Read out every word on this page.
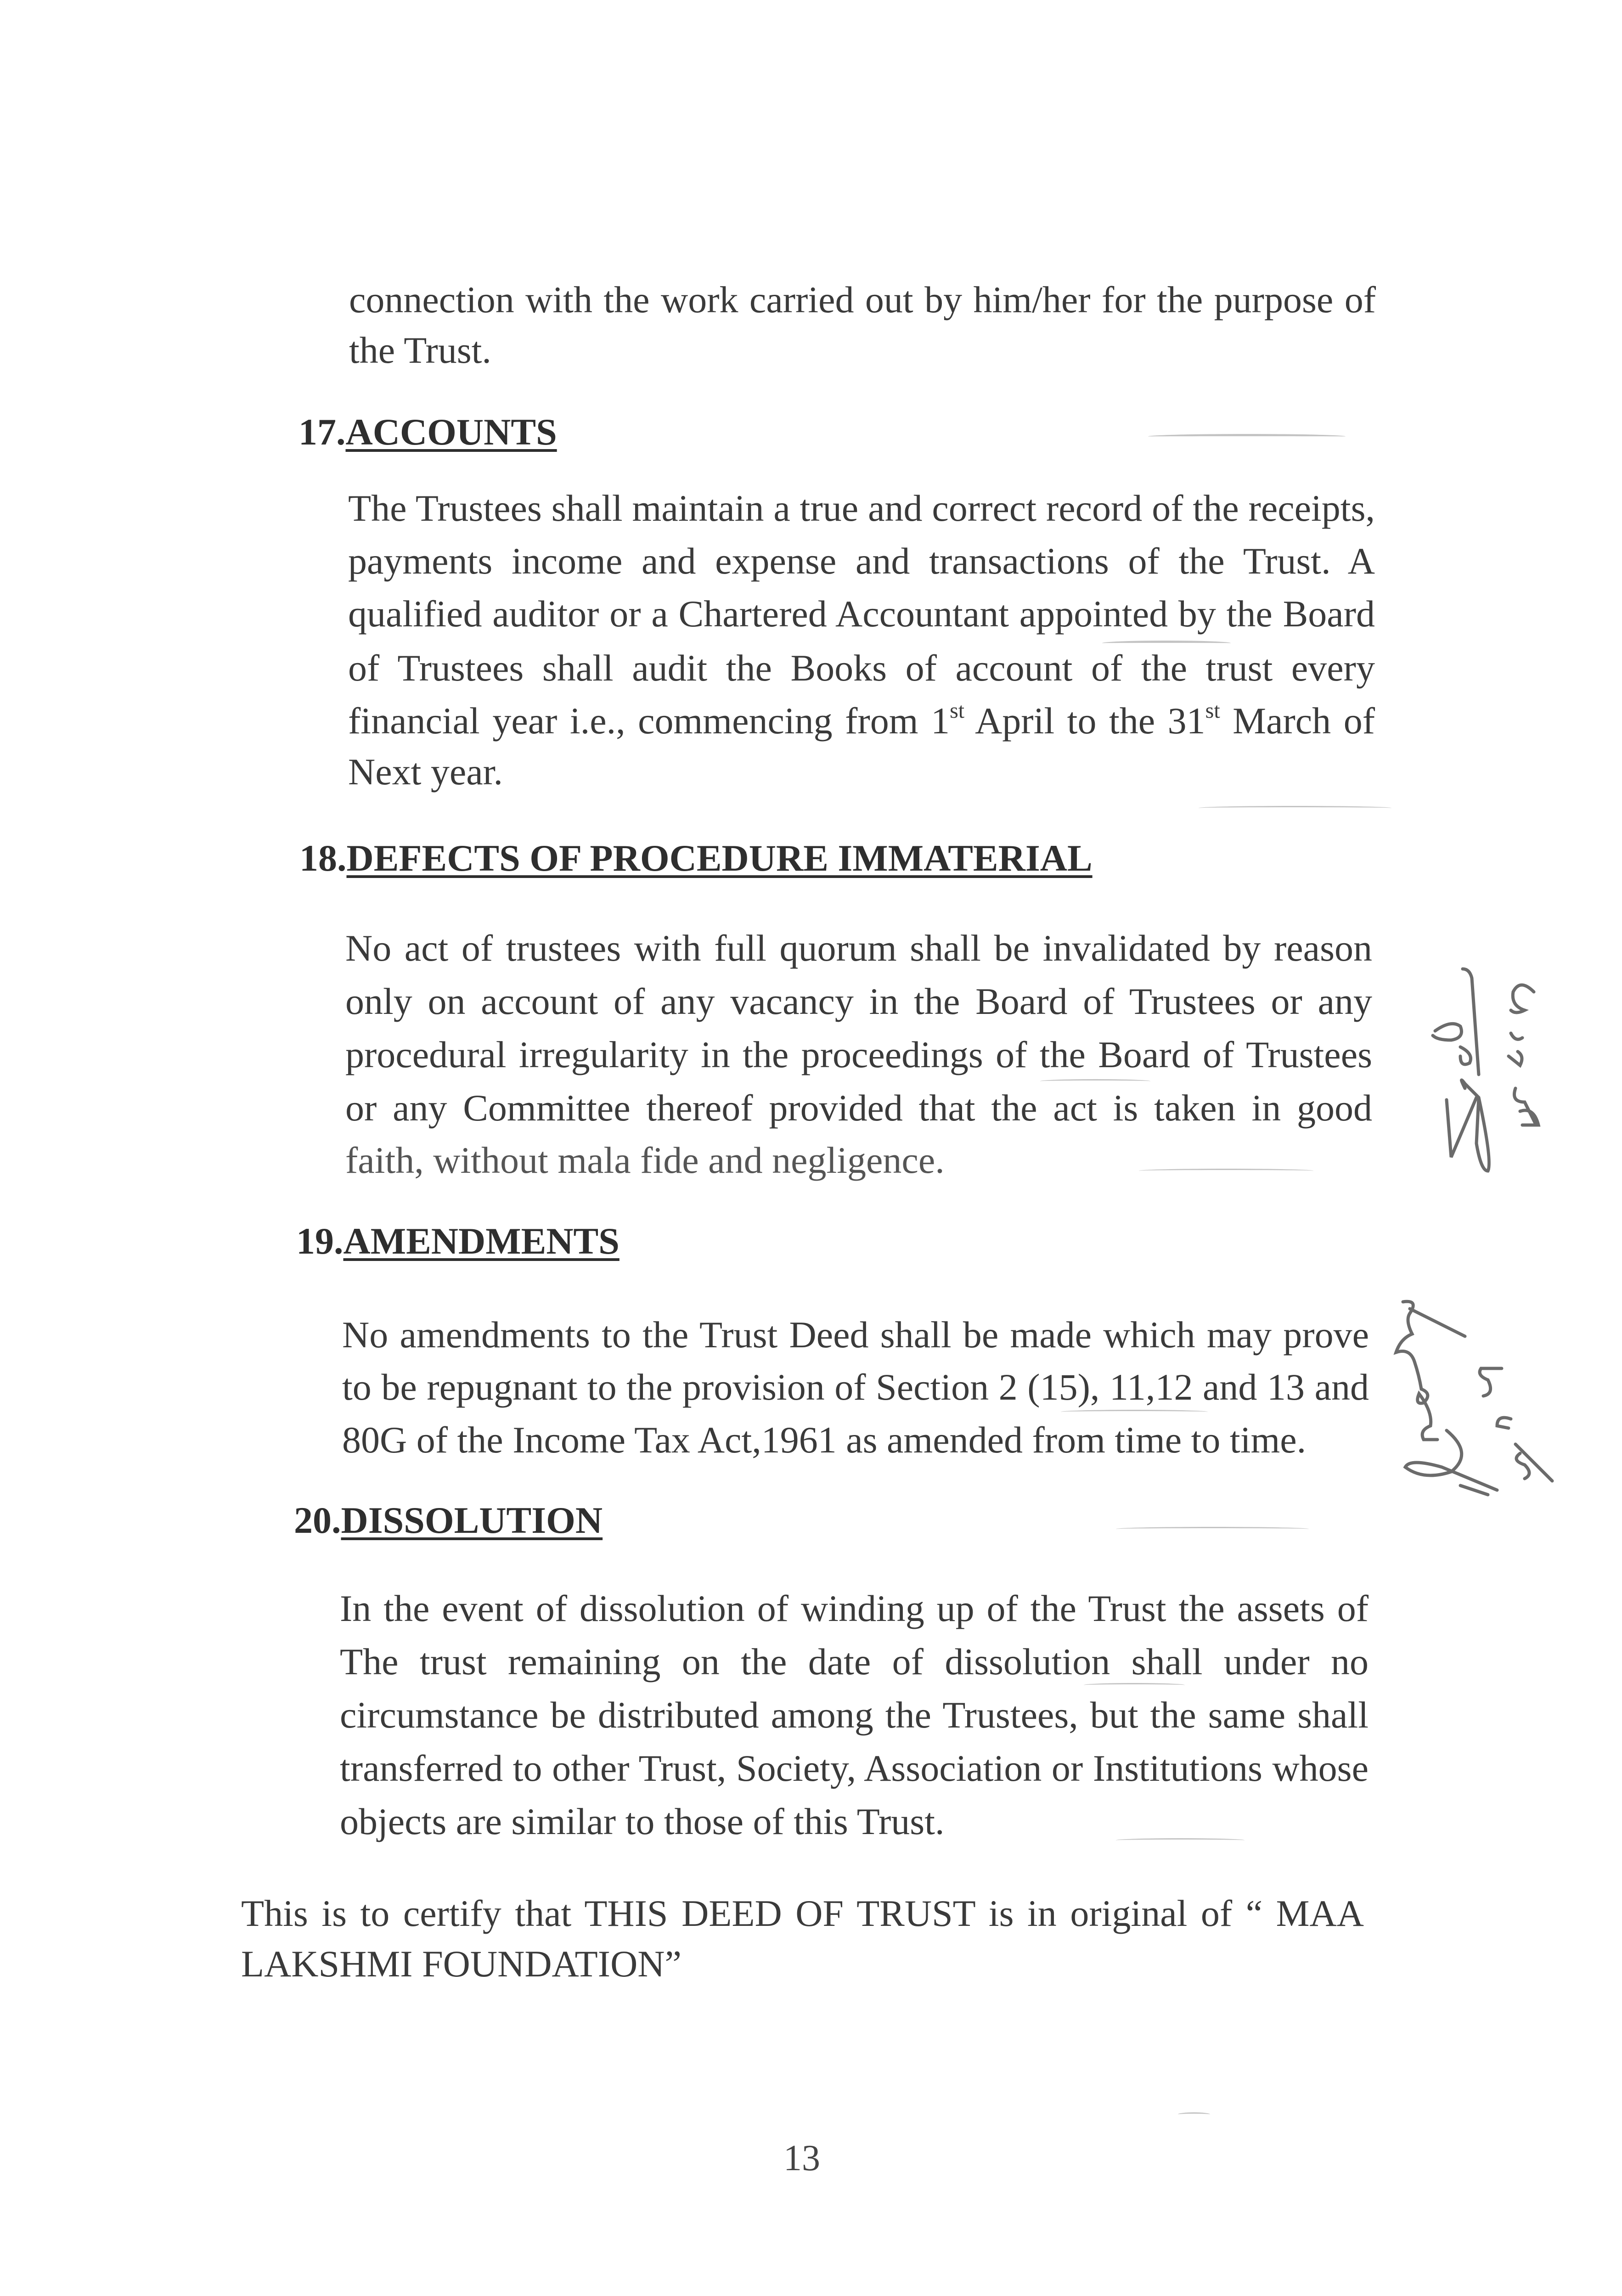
connection with the work carried out by him/her for the purpose of
the Trust.
17.ACCOUNTS
The Trustees shall maintain a true and correct record of the receipts,
payments income and expense and transactions of the Trust. A
qualified auditor or a Chartered Accountant appointed by the Board
of Trustees shall audit the Books of account of the trust every
financial year i.e., commencing from 1st April to the 31st March of
Next year.
18.DEFECTS OF PROCEDURE IMMATERIAL
No act of trustees with full quorum shall be invalidated by reason
only on account of any vacancy in the Board of Trustees or any
procedural irregularity in the proceedings of the Board of Trustees
or any Committee thereof provided that the act is taken in good
faith, without mala fide and negligence.
19.AMENDMENTS
No amendments to the Trust Deed shall be made which may prove
to be repugnant to the provision of Section 2 (15), 11,12 and 13 and
80G of the Income Tax Act,1961 as amended from time to time.
20.DISSOLUTION
In the event of dissolution of winding up of the Trust the assets of
The trust remaining on the date of dissolution shall under no
circumstance be distributed among the Trustees, but the same shall
transferred to other Trust, Society, Association or Institutions whose
objects are similar to those of this Trust.
This is to certify that THIS DEED OF TRUST is in original of “ MAA
LAKSHMI FOUNDATION”
13
